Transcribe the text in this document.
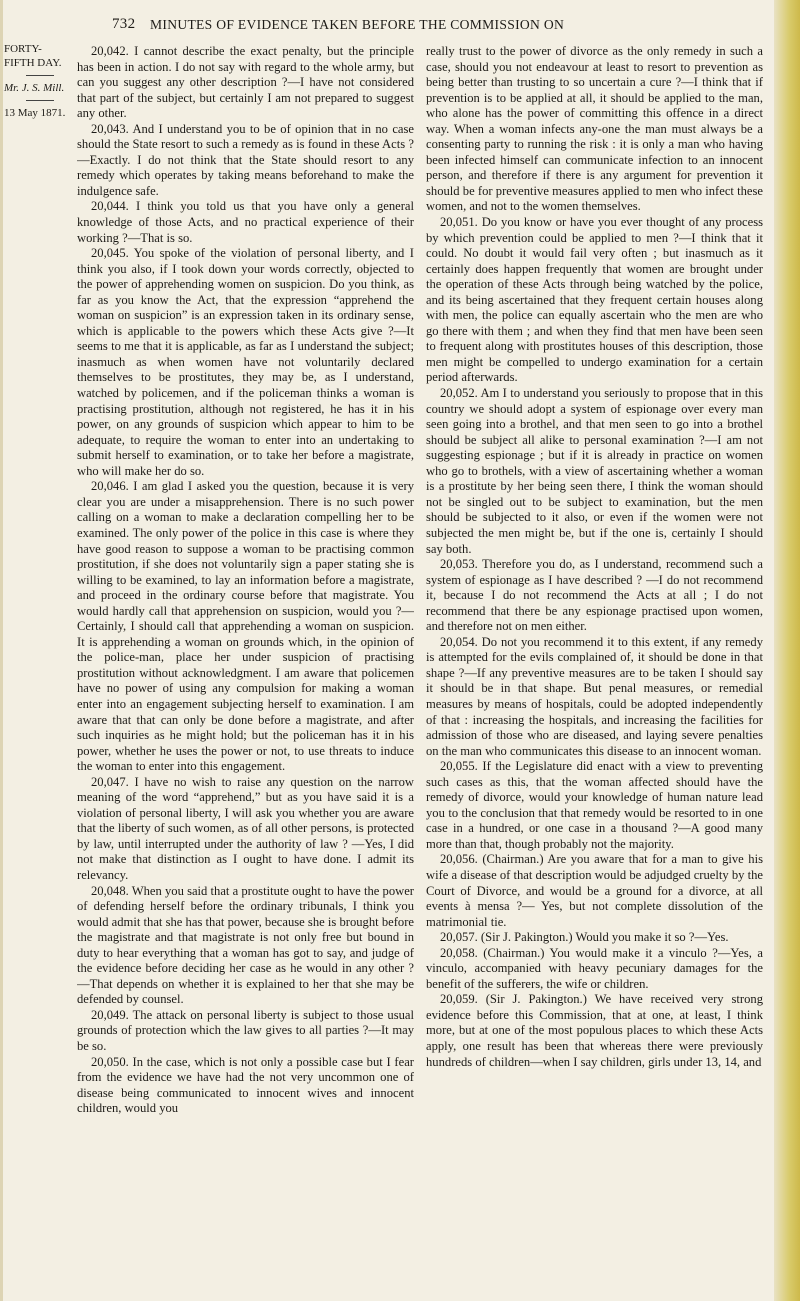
732 MINUTES OF EVIDENCE TAKEN BEFORE THE COMMISSION ON
FORTY-
FIFTH DAY.
Mr. J. S. Mill.
13 May 1871.

20,042. I cannot describe the exact penalty, but the principle has been in action. I do not say with regard to the whole army, but can you suggest any other description ?—I have not considered that part of the subject, but certainly I am not prepared to suggest any other.

20,043. And I understand you to be of opinion that in no case should the State resort to such a remedy as is found in these Acts ?—Exactly. I do not think that the State should resort to any remedy which operates by taking means beforehand to make the indulgence safe.

20,044. I think you told us that you have only a general knowledge of those Acts, and no practical experience of their working ?—That is so.

20,045. You spoke of the violation of personal liberty, and I think you also, if I took down your words correctly, objected to the power of apprehending women on suspicion. Do you think, as far as you know the Act, that the expression “apprehend the woman on suspicion” is an expression taken in its ordinary sense, which is applicable to the powers which these Acts give ?—It seems to me that it is applicable, as far as I understand the subject; inasmuch as when women have not voluntarily declared themselves to be prostitutes, they may be, as I understand, watched by policemen, and if the policeman thinks a woman is practising prostitution, although not registered, he has it in his power, on any grounds of suspicion which appear to him to be adequate, to require the woman to enter into an undertaking to submit herself to examination, or to take her before a magistrate, who will make her do so.

20,046. I am glad I asked you the question, because it is very clear you are under a misapprehension. There is no such power calling on a woman to make a declaration compelling her to be examined. The only power of the police in this case is where they have good reason to suppose a woman to be practising common prostitution, if she does not voluntarily sign a paper stating she is willing to be examined, to lay an information before a magistrate, and proceed in the ordinary course before that magistrate. You would hardly call that apprehension on suspicion, would you ?—Certainly, I should call that apprehending a woman on suspicion. It is apprehending a woman on grounds which, in the opinion of the police-man, place her under suspicion of practising prostitution without acknowledgment. I am aware that policemen have no power of using any compulsion for making a woman enter into an engagement subjecting herself to examination. I am aware that that can only be done before a magistrate, and after such inquiries as he might hold; but the policeman has it in his power, whether he uses the power or not, to use threats to induce the woman to enter into this engagement.

20,047. I have no wish to raise any question on the narrow meaning of the word “apprehend,” but as you have said it is a violation of personal liberty, I will ask you whether you are aware that the liberty of such women, as of all other persons, is protected by law, until interrupted under the authority of law ? —Yes, I did not make that distinction as I ought to have done. I admit its relevancy.

20,048. When you said that a prostitute ought to have the power of defending herself before the ordinary tribunals, I think you would admit that she has that power, because she is brought before the magistrate and that magistrate is not only free but bound in duty to hear everything that a woman has got to say, and judge of the evidence before deciding her case as he would in any other ?—That depends on whether it is explained to her that she may be defended by counsel.

20,049. The attack on personal liberty is subject to those usual grounds of protection which the law gives to all parties ?—It may be so.

20,050. In the case, which is not only a possible case but I fear from the evidence we have had the not very uncommon one of disease being communicated to innocent wives and innocent children, would you

really trust to the power of divorce as the only remedy in such a case, should you not endeavour at least to resort to prevention as being better than trusting to so uncertain a cure ?—I think that if prevention is to be applied at all, it should be applied to the man, who alone has the power of committing this offence in a direct way. When a woman infects any-one the man must always be a consenting party to running the risk : it is only a man who having been infected himself can communicate infection to an innocent person, and therefore if there is any argument for prevention it should be for preventive measures applied to men who infect these women, and not to the women themselves.

20,051. Do you know or have you ever thought of any process by which prevention could be applied to men ?—I think that it could. No doubt it would fail very often ; but inasmuch as it certainly does happen frequently that women are brought under the operation of these Acts through being watched by the police, and its being ascertained that they frequent certain houses along with men, the police can equally ascertain who the men are who go there with them ; and when they find that men have been seen to frequent along with prostitutes houses of this description, those men might be compelled to undergo examination for a certain period afterwards.

20,052. Am I to understand you seriously to propose that in this country we should adopt a system of espionage over every man seen going into a brothel, and that men seen to go into a brothel should be subject all alike to personal examination ?—I am not suggesting espionage ; but if it is already in practice on women who go to brothels, with a view of ascertaining whether a woman is a prostitute by her being seen there, I think the woman should not be singled out to be subject to examination, but the men should be subjected to it also, or even if the women were not subjected the men might be, but if the one is, certainly I should say both.

20,053. Therefore you do, as I understand, recommend such a system of espionage as I have described ? —I do not recommend it, because I do not recommend the Acts at all ; I do not recommend that there be any espionage practised upon women, and therefore not on men either.

20,054. Do not you recommend it to this extent, if any remedy is attempted for the evils complained of, it should be done in that shape ?—If any preventive measures are to be taken I should say it should be in that shape. But penal measures, or remedial measures by means of hospitals, could be adopted independently of that : increasing the hospitals, and increasing the facilities for admission of those who are diseased, and laying severe penalties on the man who communicates this disease to an innocent woman.

20,055. If the Legislature did enact with a view to preventing such cases as this, that the woman affected should have the remedy of divorce, would your knowledge of human nature lead you to the conclusion that that remedy would be resorted to in one case in a hundred, or one case in a thousand ?—A good many more than that, though probably not the majority.

20,056. (Chairman.) Are you aware that for a man to give his wife a disease of that description would be adjudged cruelty by the Court of Divorce, and would be a ground for a divorce, at all events à mensa ?— Yes, but not complete dissolution of the matrimonial tie.

20,057. (Sir J. Pakington.) Would you make it so ?—Yes.

20,058. (Chairman.) You would make it a vinculo ?—Yes, a vinculo, accompanied with heavy pecuniary damages for the benefit of the sufferers, the wife or children.

20,059. (Sir J. Pakington.) We have received very strong evidence before this Commission, that at one, at least, I think more, but at one of the most populous places to which these Acts apply, one result has been that whereas there were previously hundreds of children—when I say children, girls under 13, 14, and
